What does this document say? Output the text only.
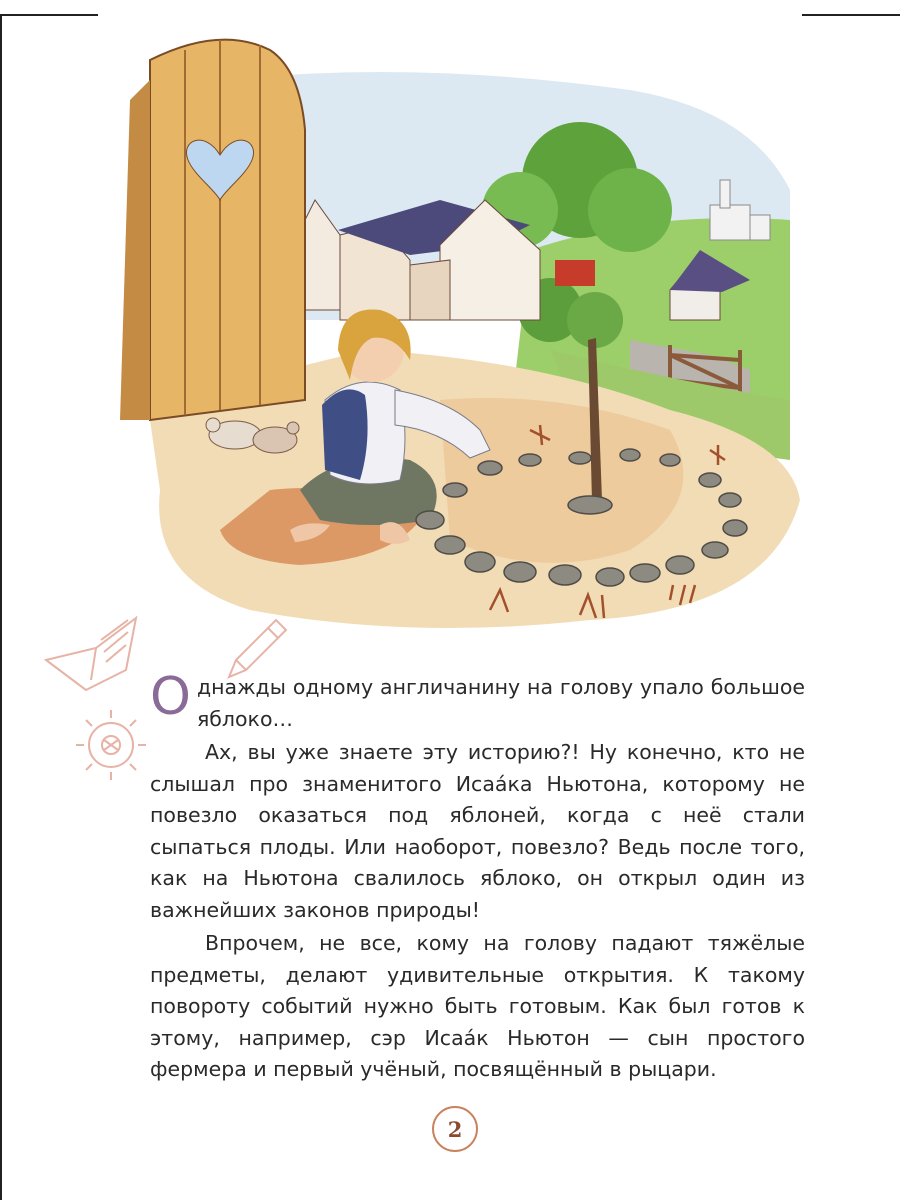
Однажды одному англичанину на голову упало большое яблоко…

Ах, вы уже знаете эту историю?! Ну конечно, кто не слышал про знаменитого Исаа́ка Ньютона, которому не повезло оказаться под яблоней, когда с неё стали сыпаться плоды. Или наоборот, повезло? Ведь после того, как на Ньютона свалилось яблоко, он открыл один из важнейших законов природы!

Впрочем, не все, кому на голову падают тяжёлые предметы, делают удивительные открытия. К такому повороту событий нужно быть готовым. Как был готов к этому, например, сэр Исаа́к Ньютон — сын простого фермера и первый учёный, посвящённый в рыцари.

2
